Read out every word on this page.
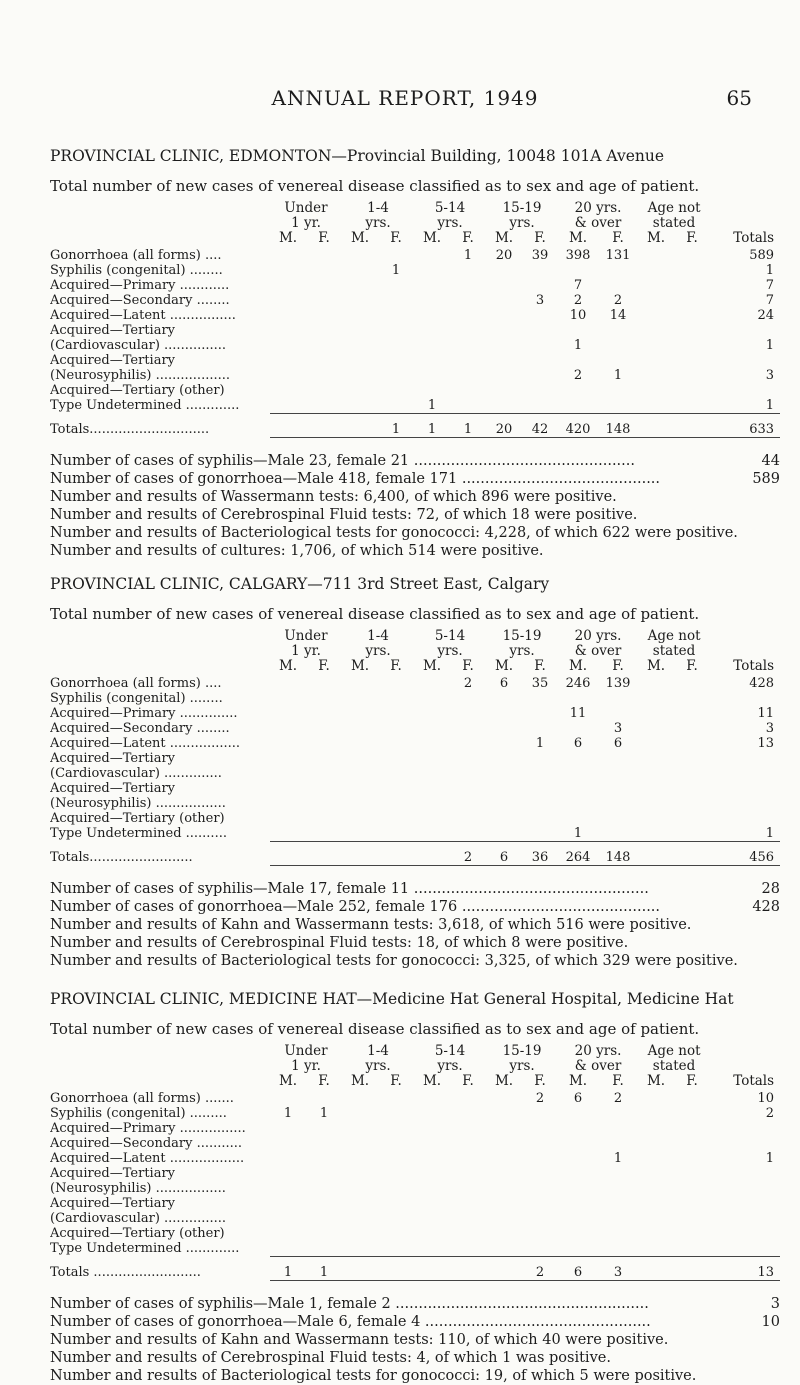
ANNUAL REPORT, 1949	65
PROVINCIAL CLINIC, EDMONTON—Provincial Building, 10048 101A Avenue
Total number of new cases of venereal disease classified as to sex and age of patient.
	Under		1-4		5-14		15-19		20 yrs.		Age not		
	1 yr.		yrs.		yrs.		yrs.		& over		stated		
	M.	F.	M.	F.	M.	F.	M.	F.	M.	F.	M.	F.	Totals
Gonorrhoea (all forms) ....						1	20	39	398	131			589
Syphilis (congenital) ........				1									1
Acquired—Primary ............									7				7
Acquired—Secondary ........								3	2	2			7
Acquired—Latent ................									10	14			24
Acquired—Tertiary													
(Cardiovascular) ...............									1				1
Acquired—Tertiary													
(Neurosyphilis) ..................									2	1			3
Acquired—Tertiary (other)													
Type Undetermined .............					1								1
Totals.............................				1	1	1	20	42	420	148			633
Number of cases of syphilis—Male 23, female 21 ................................................	44
Number of cases of gonorrhoea—Male 418, female 171 ...........................................	589
Number and results of Wassermann tests: 6,400, of which 896 were positive.
Number and results of Cerebrospinal Fluid tests: 72, of which 18 were positive.
Number and results of Bacteriological tests for gonococci: 4,228, of which 622 were positive.
Number and results of cultures: 1,706, of which 514 were positive.
PROVINCIAL CLINIC, CALGARY—711 3rd Street East, Calgary
Total number of new cases of venereal disease classified as to sex and age of patient.
	Under		1-4		5-14		15-19		20 yrs.		Age not		
	1 yr.		yrs.		yrs.		yrs.		& over		stated		
	M.	F.	M.	F.	M.	F.	M.	F.	M.	F.	M.	F.	Totals
Gonorrhoea (all forms) ....						2	6	35	246	139			428
Syphilis (congenital) ........													
Acquired—Primary ..............									11				11
Acquired—Secondary ........										3			3
Acquired—Latent .................								1	6	6			13
Acquired—Tertiary													
(Cardiovascular) ..............													
Acquired—Tertiary													
(Neurosyphilis) .................													
Acquired—Tertiary (other)													
Type Undetermined ..........									1				1
Totals.........................						2	6	36	264	148			456
Number of cases of syphilis—Male 17, female 11 ...................................................	28
Number of cases of gonorrhoea—Male 252, female 176 ...........................................	428
Number and results of Kahn and Wassermann tests: 3,618, of which 516 were positive.
Number and results of Cerebrospinal Fluid tests: 18, of which 8 were positive.
Number and results of Bacteriological tests for gonococci: 3,325, of which 329 were positive.
PROVINCIAL CLINIC, MEDICINE HAT—Medicine Hat General Hospital, Medicine Hat
Total number of new cases of venereal disease classified as to sex and age of patient.
	Under		1-4		5-14		15-19		20 yrs.		Age not		
	1 yr.		yrs.		yrs.		yrs.		& over		stated		
	M.	F.	M.	F.	M.	F.	M.	F.	M.	F.	M.	F.	Totals
Gonorrhoea (all forms) .......								2	6	2			10
Syphilis (congenital) .........	1	1											2
Acquired—Primary ................													
Acquired—Secondary ...........													
Acquired—Latent ..................										1			1
Acquired—Tertiary													
(Neurosyphilis) .................													
Acquired—Tertiary													
(Cardiovascular) ...............													
Acquired—Tertiary (other)													
Type Undetermined .............													
Totals ..........................	1	1						2	6	3			13
Number of cases of syphilis—Male 1, female 2 .......................................................	3
Number of cases of gonorrhoea—Male 6, female 4 .................................................	10
Number and results of Kahn and Wassermann tests: 110, of which 40 were positive.
Number and results of Cerebrospinal Fluid tests: 4, of which 1 was positive.
Number and results of Bacteriological tests for gonococci: 19, of which 5 were positive.
